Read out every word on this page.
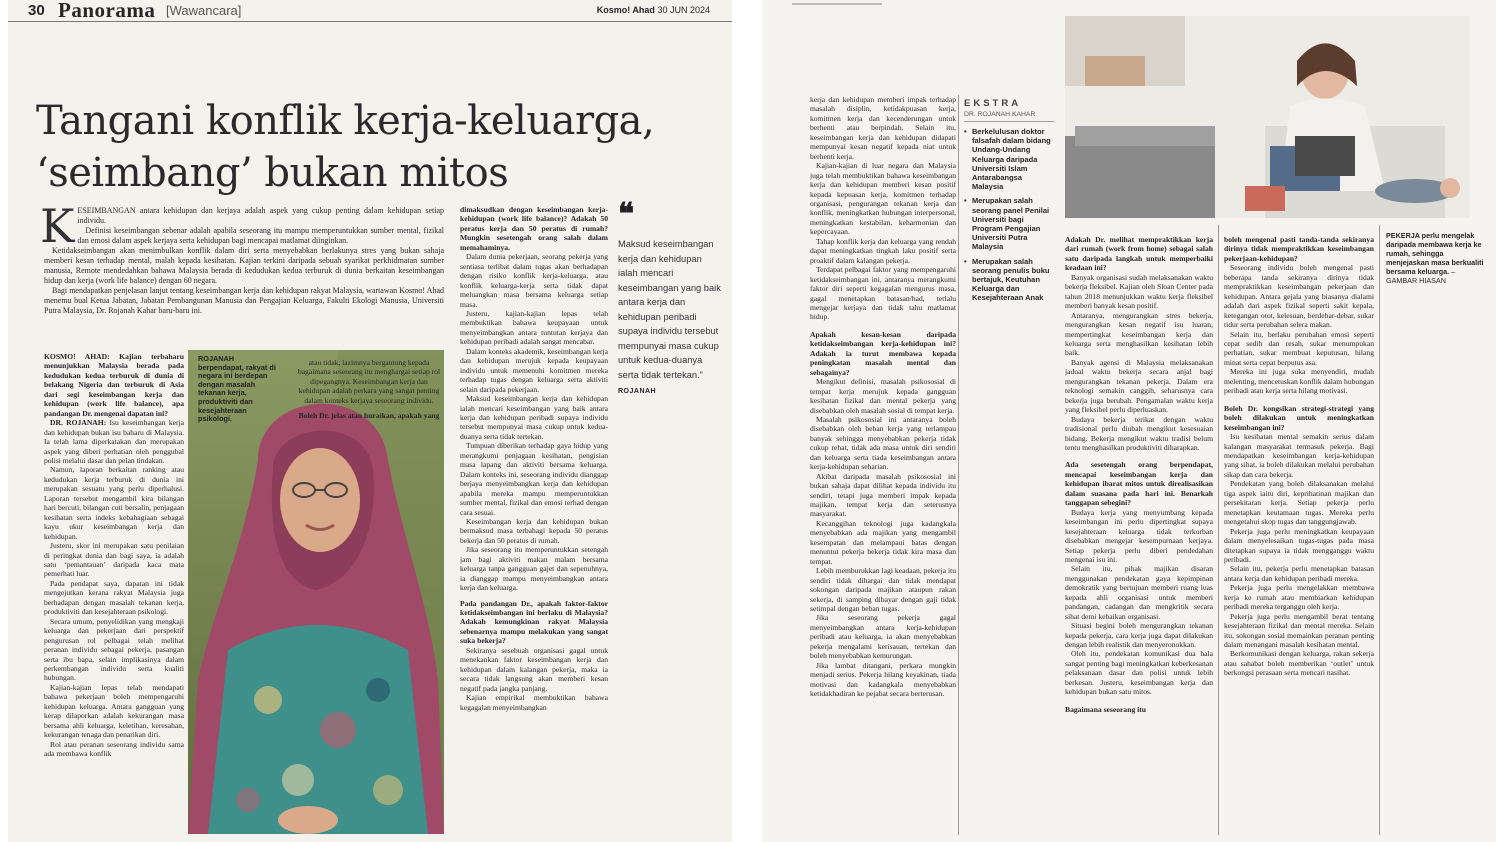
30 Panorama [Wawancara]	Kosmo! Ahad 30 JUN 2024
Tangani konflik kerja-keluarga,
‘seimbang’ bukan mitos
K ESEIMBANGAN antara kehidupan dan kerjaya adalah aspek yang cukup penting dalam kehidupan setiap individu.

Definisi keseimbangan sebenar adalah apabila seseorang itu mampu memperuntukkan sumber mental, fizikal dan emosi dalam aspek kerjaya serta kehidupan bagi mencapai matlamat diinginkan.

Ketidakseimbangan akan menimbulkan konflik dalam diri serta menyebabkan berlakunya stres yang bukan sahaja memberi kesan terhadap mental, malah kepada kesihatan. Kajian terkini daripada sebuah syarikat perkhidmatan sumber manusia, Remote mendedahkan bahawa Malaysia berada di kedudukan kedua terburuk di dunia berkaitan keseimbangan hidup dan kerja (work life balance) dengan 60 negara.

Bagi mendapatkan penjelasan lanjut tentang keseimbangan kerja dan kehidupan rakyat Malaysia, wartawan Kosmo! Ahad menemu bual Ketua Jabatan, Jabatan Pembangunan Manusia dan Pengajian Keluarga, Fakulti Ekologi Manusia, Universiti Putra Malaysia, Dr. Rojanah Kahar baru-baru ini.

KOSMO! AHAD: Kajian terbaharu menunjukkan Malaysia berada pada kedudukan kedua terburuk di dunia di belakang Nigeria dan terburuk di Asia dari segi keseimbangan kerja dan kehidupan (work life balance), apa pandangan Dr. mengenai dapatan ini?

DR. ROJANAH: Isu keseimbangan kerja dan kehidupan bukan isu baharu di Malaysia. Ia telah lama diperkatakan dan merupakan aspek yang diberi perhatian oleh penggubal polisi melalui dasar dan pelan tindakan.

Namun, laporan berkaitan ranking atau kedudukan kerja terburuk di dunia ini merupakan sesuatu yang perlu diperhalusi. Laporan tersebut mengambil kira bilangan hari bercuti, bilangan cuti bersalin, penjagaan kesihatan serta indeks kebahagiaan sebagai kayu ukur keseimbangan kerja dan kehidupan.

Justeru, skor ini merupakan satu penilaian di peringkat dunia dan bagi saya, ia adalah satu ‘pemantauan’ daripada kaca mata pemerhati luar.

Pada pendapat saya, dapatan ini tidak mengejutkan kerana rakyat Malaysia juga berhadapan dengan masalah tekanan kerja, produktiviti dan kesejahteraan psikologi.

Secara umum, penyelidikan yang mengkaji keluarga dan pekerjaan dari perspektif pengurusan rol pelbagai telah melihat peranan individu sebagai pekerja, pasangan serta ibu bapa, selain implikasinya dalam perkembangan individu serta kualiti hubungan.

Kajian-kajian lepas telah mendapati bahawa pekerjaan boleh mempengaruhi kehidupan keluarga. Antara gangguan yang kerap dilaporkan adalah kekurangan masa bersama ahli keluarga, keletihan, keresahan, kekurangan tenaga dan penarikan diri.

Rol atau peranan seseorang individu sama ada membawa konflik

ROJANAH berpendapat, rakyat di negara ini berdepan dengan masalah tekanan kerja, produktiviti dan kesejahteraan psikologi.

atau tidak, lazimnya bergantung kepada bagaimana seseorang itu menghargai setiap rol dipegangnya. Keseimbangan kerja dan kehidupan adalah perkara yang sangat penting dalam konteks kerjaya seseorang individu.

Boleh Dr. jelas atau huraikan, apakah yang

dimaksudkan dengan keseimbangan kerja-kehidupan (work life balance)? Adakah 50 peratus kerja dan 50 peratus di rumah? Mungkin sesetengah orang salah dalam memahaminya.

Dalam dunia pekerjaan, seorang pekerja yang sentiasa terlibat dalam tugas akan berhadapan dengan risiko konflik kerja-keluarga, atau konflik keluarga-kerja serta tidak dapat meluangkan masa bersama keluarga setiap masa.

Justeru, kajian-kajian lepas telah membuktikan bahawa keupayaan untuk menyeimbangkan antara tuntutan kerjaya dan kehidupan peribadi adalah sangat mencabar.

Dalam konteks akademik, keseimbangan kerja dan kehidupan merujuk kepada keupayaan individu untuk memenuhi komitmen mereka terhadap tugas dengan keluarga serta aktiviti selain daripada pekerjaan.

Maksud keseimbangan kerja dan kehidupan ialah mencari keseimbangan yang baik antara kerja dan kehidupan peribadi supaya individu tersebut mempunyai masa cukup untuk kedua-duanya serta tidak tertekan.

Tumpuan diberikan terhadap gaya hidup yang merangkumi penjagaan kesihatan, pengisian masa lapang dan aktiviti bersama keluarga. Dalam konteks ini, seseorang individu dianggap berjaya menyeimbangkan kerja dan kehidupan apabila mereka mampu memperuntukkan sumber mental, fizikal dan emosi terhad dengan cara sesuai.

Keseimbangan kerja dan kehidupan bukan bermaksud masa terbahagi kepada 50 peratus bekerja dan 50 peratus di rumah.

Jika seseorang itu memperuntukkan setengah jam bagi aktiviti makan malam bersama keluarga tanpa gangguan gajet dan sepenuhnya, ia dianggap mampu menyeimbangkan antara kerja dan keluarga.

Pada pandangan Dr., apakah faktor-faktor ketidakseimbangan ini berlaku di Malaysia? Adakah kemungkinan rakyat Malaysia sebenarnya mampu melakukan yang sangat suka bekerja?

Sekiranya sesebuah organisasi gagal untuk menekankan faktor keseimbangan kerja dan kehidupan dalam kalangan pekerja, maka ia secara tidak langsung akan memberi kesan negatif pada jangka panjang.

Kajian empirikal membuktikan bahawa kegagalan menyeimbangkan

❝
Maksud keseimbangan kerja dan kehidupan ialah mencari keseimbangan yang baik antara kerja dan kehidupan peribadi supaya individu tersebut mempunyai masa cukup untuk kedua-duanya serta tidak tertekan.”
ROJANAH

kerja dan kehidupan memberi impak terhadap masalah disiplin, ketidakpuasan kerja, komitmen kerja dan kecenderungan untuk berhenti atau berpindah. Selain itu, keseimbangan kerja dan kehidupan didapati mempunyai kesan negatif kepada niat untuk berhenti kerja.

Kajian-kajian di luar negara dan Malaysia juga telah membuktikan bahawa keseimbangan kerja dan kehidupan memberi kesan positif kepada kepuasan kerja, komitmen terhadap organisasi, pengurangan tekanan kerja dan konflik, meningkatkan hubungan interpersonal, meningkatkan kestabilan, keharmonian dan kepercayaan.

Tahap konflik kerja dan keluarga yang rendah dapat meningkatkan tingkah laku positif serta proaktif dalam kalangan pekerja.

Terdapat pelbagai faktor yang mempengaruhi ketidakseimbangan ini, antaranya merangkumi faktor diri seperti kegagalan mengurus masa, gagal menetapkan batasan/had, terlalu mengejar kerjaya dan tidak tahu matlamat hidup.

Apakah kesan-kesan daripada ketidakseimbangan kerja-kehidupan ini? Adakah ia turut membawa kepada peningkatan masalah mental dan sebagainya?

Mengikut definisi, masalah psikososial di tempat kerja merujuk kepada gangguan kesihatan fizikal dan mental pekerja yang disebabkan oleh masalah sosial di tempat kerja.

Masalah psikososial ini antaranya boleh disebabkan oleh beban kerja yang terlampau banyak sehingga menyebabkan pekerja tidak cukup rehat, tidak ada masa untuk diri sendiri dan keluarga serta tiada keseimbangan antara kerja-kehidupan seharian.

Akibat daripada masalah psikososial ini bukan sahaja dapat dilihat kepada individu itu sendiri, tetapi juga memberi impak kepada majikan, tempat kerja dan seterusnya masyarakat.

Kecanggihan teknologi juga kadangkala menyebabkan ada majikan yang mengambil kesempatan dan melampaui batas dengan menuntut pekerja bekerja tidak kira masa dan tempat.

Lebih memburukkan lagi keadaan, pekerja itu sendiri tidak dihargai dan tidak mendapat sokongan daripada majikan ataupun rakan sekerja, di samping dibayar dengan gaji tidak setimpal dengan beban tugas.

Jika seseorang pekerja gagal menyeimbangkan antara kerja-kehidupan peribadi atau keluarga, ia akan menyebabkan pekerja mengalami kerisauan, tertekan dan boleh menyebabkan kemurungan.

Jika lambat ditangani, perkara mungkin menjadi serius. Pekerja hilang keyakinan, tiada motivasi dan kadangkala menyebabkan ketidakhadiran ke pejabat secara berterusan.

EKSTRA
DR. ROJANAH KAHAR
• Berkelulusan doktor falsafah dalam bidang Undang-Undang Keluarga daripada Universiti Islam Antarabangsa Malaysia
• Merupakan salah seorang panel Penilai Universiti bagi Program Pengajian Universiti Putra Malaysia
• Merupakan salah seorang penulis buku bertajuk, Keutuhan Keluarga dan Kesejahteraan Anak

Adakah Dr. melihat mempraktikkan kerja dari rumah (work from home) sebagai salah satu daripada langkah untuk memperbaiki keadaan ini?

Banyak organisasi sudah melaksanakan waktu bekerja fleksibel. Kajian oleh Sloan Center pada tahun 2018 menunjukkan waktu kerja fleksibel memberi banyak kesan positif.

Antaranya, mengurangkan stres bekerja, mengurangkan kesan negatif isu luaran, mempertingkat keseimbangan kerja dan keluarga serta menghasilkan kesihatan lebih baik.

Banyak agensi di Malaysia melaksanakan jadual waktu bekerja secara anjal bagi mengurangkan tekanan pekerja. Dalam era teknologi semakin canggih, seharusnya cara bekerja juga berubah. Pengamalan waktu kerja yang fleksibel perlu diperluaskan.

Budaya bekerja terikat dengan waktu tradisional perlu diubah mengikut kesesuaian bidang. Bekerja mengikut waktu tradisi belum tentu menghasilkan produktiviti diharapkan.

Ada sesetengah orang berpendapat, mencapai keseimbangan kerja dan kehidupan ibarat mitos untuk direalisasikan dalam suasana pada hari ini. Benarkah tanggapan sebegini?

Budaya kerja yang menyumbang kepada keseimbangan ini perlu dipertingkat supaya kesejahteraan keluarga tidak terkorban disebabkan mengejar kesempurnaan kerjaya. Setiap pekerja perlu diberi pendedahan mengenai isu ini.

Selain itu, pihak majikan disaran menggunakan pendekatan gaya kepimpinan demokratik yang bertujuan memberi ruang luas kepada ahli organisasi untuk memberi pandangan, cadangan dan mengkritik secara sihat demi kebaikan organisasi.

Situasi begini boleh mengurangkan tekanan kepada pekerja, cara kerja juga dapat dilakukan dengan lebih realistik dan menyeronokkan.

Oleh itu, pendekatan komunikasi dua hala sangat penting bagi meningkatkan keberkesanan pelaksanaan dasar dan polisi untuk lebih berkesan. Justeru, keseimbangan kerja dan kehidupan bukan satu mitos.

Bagaimana seseorang itu

boleh mengenal pasti tanda-tanda sekiranya dirinya tidak mempraktikkan keseimbangan pekerjaan-kehidupan?

Seseorang individu boleh mengenal pasti beberapa tanda sekiranya dirinya tidak mempraktikkan keseimbangan pekerjaan dan kehidupan. Antara gejala yang biasanya dialami adalah dari aspek fizikal seperti sakit kepala, ketegangan otot, kelesuan, berdebar-debar, sukar tidur serta perubahan selera makan.

Selain itu, berlaku perubahan emosi seperti cepat sedih dan resah, sukar menumpukan perhatian, sukar membuat keputusan, hilang minat serta cepat berputus asa.

Mereka ini juga suka menyendiri, mudah melenting, mencetuskan konflik dalam hubungan peribadi atau kerja serta hilang motivasi.

Boleh Dr. kongsikan strategi-strategi yang boleh dilakukan untuk meningkatkan keseimbangan ini?

Isu kesihatan mental semakin serius dalam kalangan masyarakat termasuk pekerja. Bagi mendapatkan keseimbangan kerja-kehidupan yang sihat, ia boleh dilakukan melalui perubahan sikap dan cara bekerja.

Pendekatan yang boleh dilaksanakan melalui tiga aspek iaitu diri, keprihatinan majikan dan persekitaran kerja. Setiap pekerja perlu menetapkan keutamaan tugas. Mereka perlu mengetahui skop tugas dan tanggungjawab.

Pekerja juga perlu meningkatkan keupayaan dalam menyelesaikan tugas-tugas pada masa ditetapkan supaya ia tidak mengganggu waktu peribadi.

Selain itu, pekerja perlu menetapkan batasan antara kerja dan kehidupan peribadi mereka.

Pekerja juga perlu mengelakkan membawa kerja ke rumah atau membiarkan kehidupan peribadi mereka terganggu oleh kerja.

Pekerja juga perlu mengambil berat tentang kesejahteraan fizikal dan mental mereka. Selain itu, sokongan sosial memainkan peranan penting dalam menangani masalah kesihatan mental.

Berkomunikasi dengan keluarga, rakan sekerja atau sahabat boleh memberikan ‘outlet’ untuk berkongsi perasaan serta mencari nasihat.

PEKERJA perlu mengelak daripada membawa kerja ke rumah, sehingga menjejaskan masa berkualiti bersama keluarga. – GAMBAR HIASAN
